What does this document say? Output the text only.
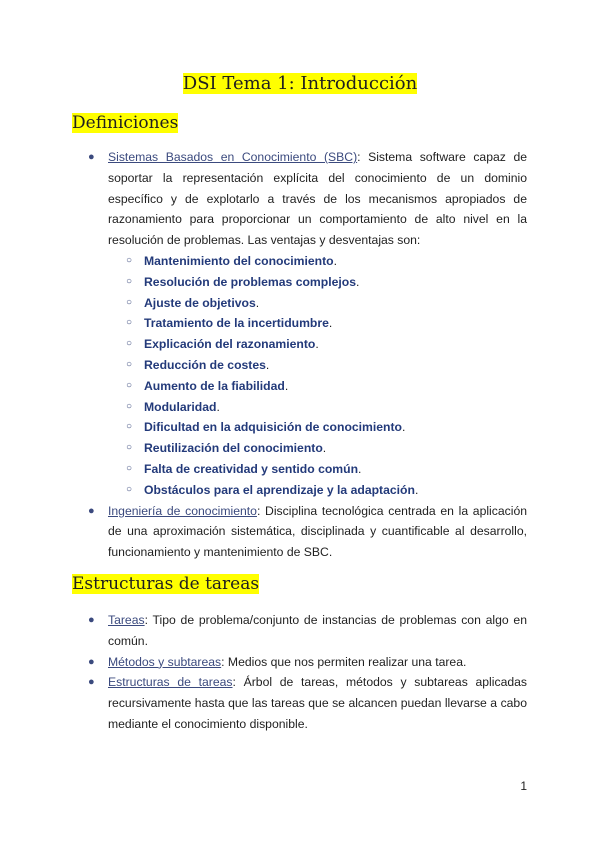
DSI Tema 1: Introducción
Definiciones
● Sistemas Basados en Conocimiento (SBC): Sistema software capaz de soportar la representación explícita del conocimiento de un dominio específico y de explotarlo a través de los mecanismos apropiados de razonamiento para proporcionar un comportamiento de alto nivel en la resolución de problemas. Las ventajas y desventajas son:
○ Mantenimiento del conocimiento.
○ Resolución de problemas complejos.
○ Ajuste de objetivos.
○ Tratamiento de la incertidumbre.
○ Explicación del razonamiento.
○ Reducción de costes.
○ Aumento de la fiabilidad.
○ Modularidad.
○ Dificultad en la adquisición de conocimiento.
○ Reutilización del conocimiento.
○ Falta de creatividad y sentido común.
○ Obstáculos para el aprendizaje y la adaptación.
● Ingeniería de conocimiento: Disciplina tecnológica centrada en la aplicación de una aproximación sistemática, disciplinada y cuantificable al desarrollo, funcionamiento y mantenimiento de SBC.
Estructuras de tareas
● Tareas: Tipo de problema/conjunto de instancias de problemas con algo en común.
● Métodos y subtareas: Medios que nos permiten realizar una tarea.
● Estructuras de tareas: Árbol de tareas, métodos y subtareas aplicadas recursivamente hasta que las tareas que se alcancen puedan llevarse a cabo mediante el conocimiento disponible.
1
